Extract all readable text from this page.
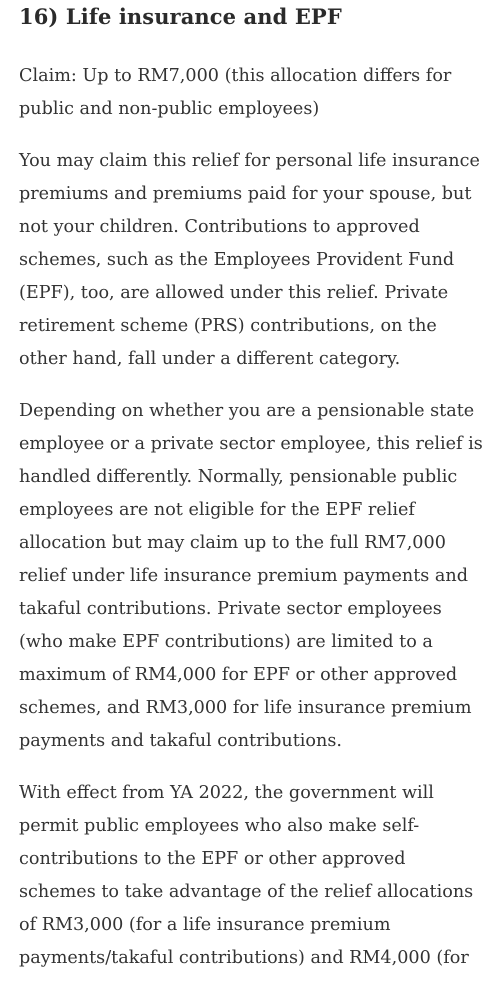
16) Life insurance and EPF

Claim: Up to RM7,000 (this allocation differs for public and non-public employees)

You may claim this relief for personal life insurance premiums and premiums paid for your spouse, but not your children. Contributions to approved schemes, such as the Employees Provident Fund (EPF), too, are allowed under this relief. Private retirement scheme (PRS) contributions, on the other hand, fall under a different category.

Depending on whether you are a pensionable state employee or a private sector employee, this relief is handled differently. Normally, pensionable public employees are not eligible for the EPF relief allocation but may claim up to the full RM7,000 relief under life insurance premium payments and takaful contributions. Private sector employees (who make EPF contributions) are limited to a maximum of RM4,000 for EPF or other approved schemes, and RM3,000 for life insurance premium payments and takaful contributions.

With effect from YA 2022, the government will permit public employees who also make self-contributions to the EPF or other approved schemes to take advantage of the relief allocations of RM3,000 (for a life insurance premium payments/takaful contributions) and RM4,000 (for
